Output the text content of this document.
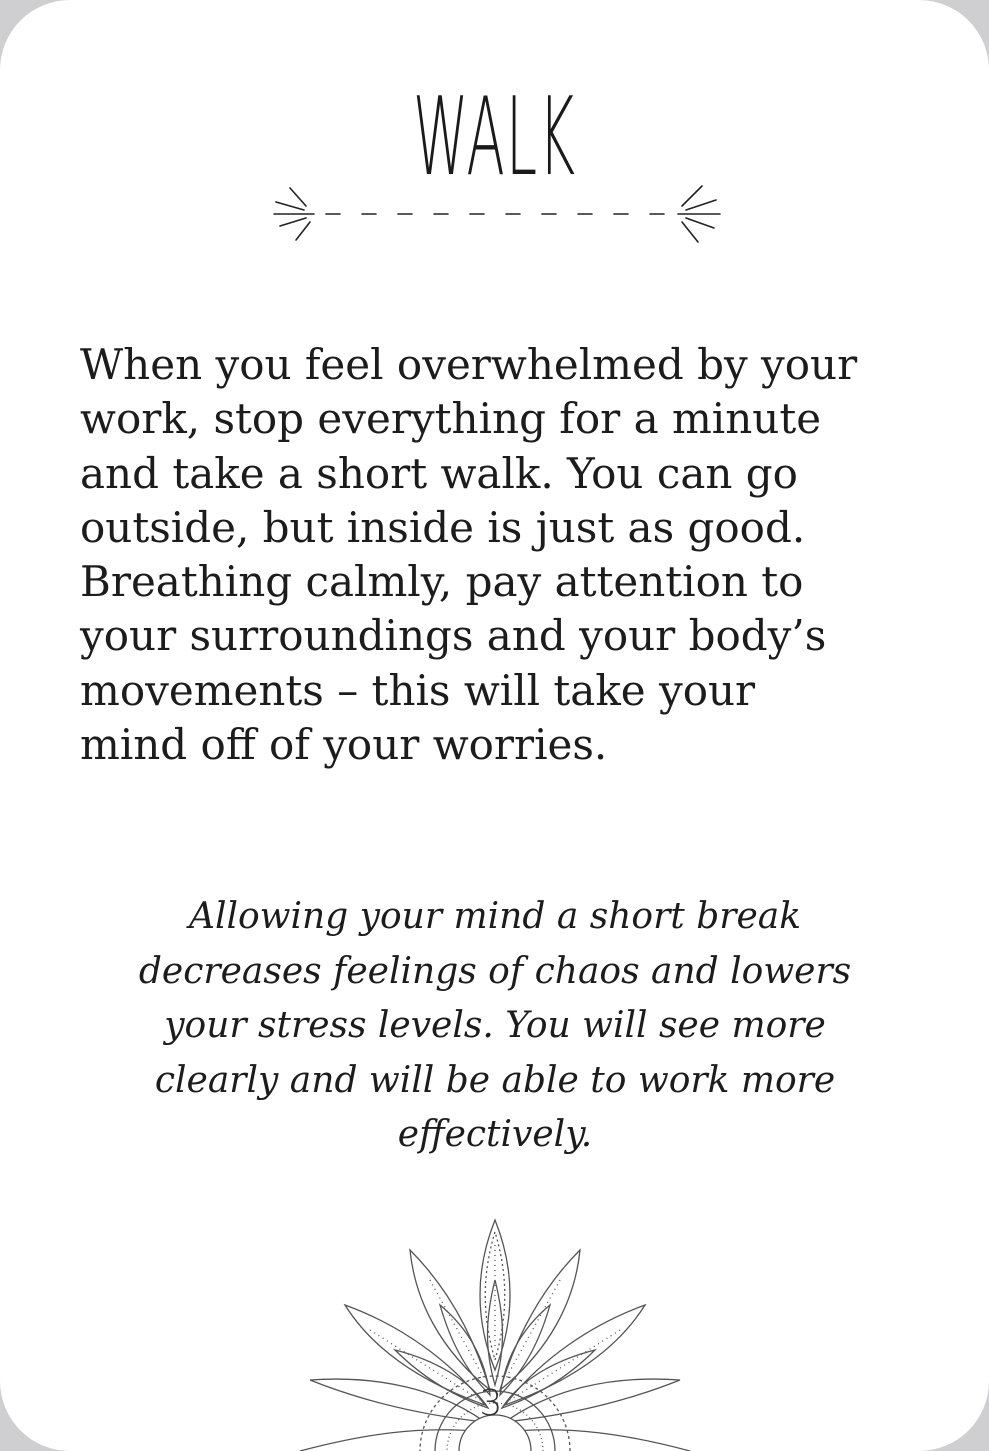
WALK
When you feel overwhelmed by your
work, stop everything for a minute
and take a short walk. You can go
outside, but inside is just as good.
Breathing calmly, pay attention to
your surroundings and your body’s
movements – this will take your
mind off of your worries.
Allowing your mind a short break
decreases feelings of chaos and lowers
your stress levels. You will see more
clearly and will be able to work more
effectively.
3
